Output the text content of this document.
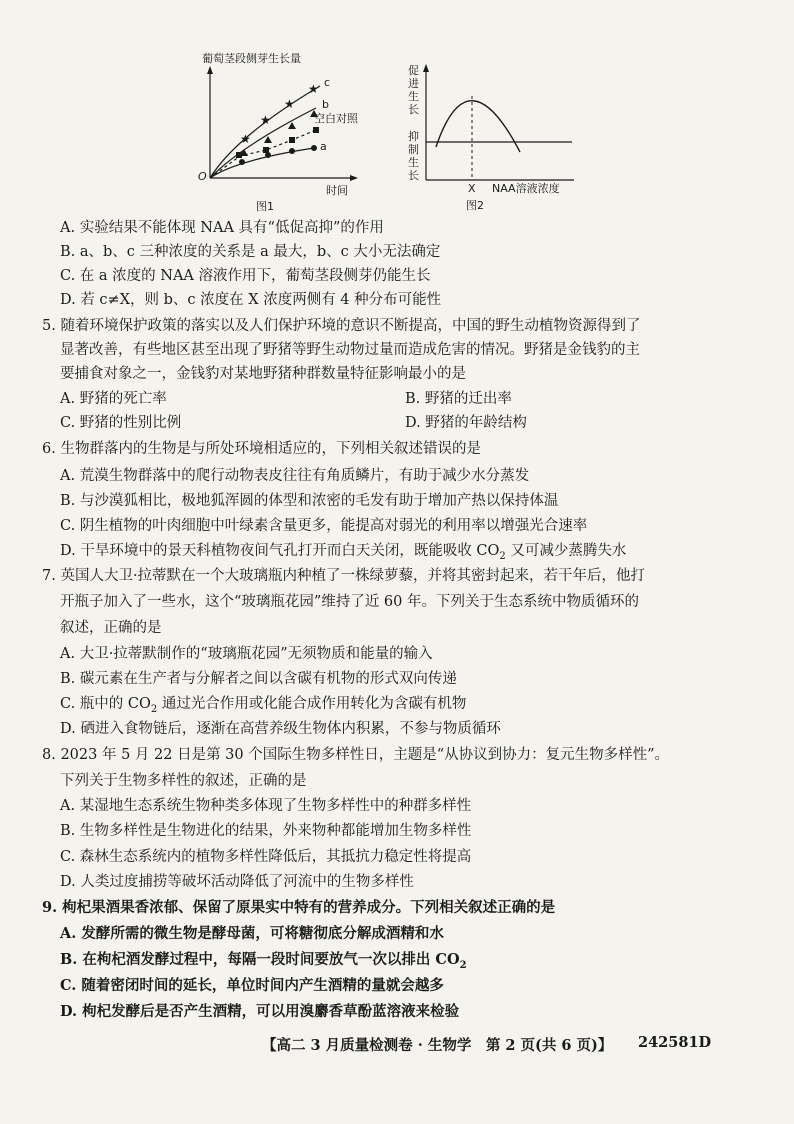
葡萄茎段侧芽生长量
O
时间
图1
★
★
★
★ c
b
空白对照
a
促
进
生
长
抑
制
生
长
X NAA溶液浓度
图2
A. 实验结果不能体现 NAA 具有“低促高抑”的作用
B. a、b、c 三种浓度的关系是 a 最大，b、c 大小无法确定
C. 在 a 浓度的 NAA 溶液作用下，葡萄茎段侧芽仍能生长
D. 若 c≠X，则 b、c 浓度在 X 浓度两侧有 4 种分布可能性
5. 随着环境保护政策的落实以及人们保护环境的意识不断提高，中国的野生动植物资源得到了
显著改善，有些地区甚至出现了野猪等野生动物过量而造成危害的情况。野猪是金钱豹的主
要捕食对象之一，金钱豹对某地野猪种群数量特征影响最小的是
A. 野猪的死亡率	B. 野猪的迁出率
C. 野猪的性别比例	D. 野猪的年龄结构
6. 生物群落内的生物是与所处环境相适应的，下列相关叙述错误的是
A. 荒漠生物群落中的爬行动物表皮往往有角质鳞片，有助于减少水分蒸发
B. 与沙漠狐相比，极地狐浑圆的体型和浓密的毛发有助于增加产热以保持体温
C. 阴生植物的叶肉细胞中叶绿素含量更多，能提高对弱光的利用率以增强光合速率
D. 干旱环境中的景天科植物夜间气孔打开而白天关闭，既能吸收 $CO_2$ 又可减少蒸腾失水
7. 英国人大卫·拉蒂默在一个大玻璃瓶内种植了一株绿萝藜，并将其密封起来，若干年后，他打
开瓶子加入了一些水，这个“玻璃瓶花园”维持了近 60 年。下列关于生态系统中物质循环的
叙述，正确的是
A. 大卫·拉蒂默制作的“玻璃瓶花园”无须物质和能量的输入
B. 碳元素在生产者与分解者之间以含碳有机物的形式双向传递
C. 瓶中的 $CO_2$ 通过光合作用或化能合成作用转化为含碳有机物
D. 硒进入食物链后，逐渐在高营养级生物体内积累，不参与物质循环
8. 2023 年 5 月 22 日是第 30 个国际生物多样性日，主题是“从协议到协力：复元生物多样性”。
下列关于生物多样性的叙述，正确的是
A. 某湿地生态系统生物种类多体现了生物多样性中的种群多样性
B. 生物多样性是生物进化的结果，外来物种都能增加生物多样性
C. 森林生态系统内的植物多样性降低后，其抵抗力稳定性将提高
D. 人类过度捕捞等破坏活动降低了河流中的生物多样性
9. 枸杞果酒果香浓郁、保留了原果实中特有的营养成分。下列相关叙述正确的是
A. 发酵所需的微生物是酵母菌，可将糖彻底分解成酒精和水
B. 在枸杞酒发酵过程中，每隔一段时间要放气一次以排出 $CO_2$
C. 随着密闭时间的延长，单位时间内产生酒精的量就会越多
D. 枸杞发酵后是否产生酒精，可以用溴麝香草酚蓝溶液来检验
【高二 3 月质量检测卷 · 生物学　第 2 页(共 6 页)】 242581D
